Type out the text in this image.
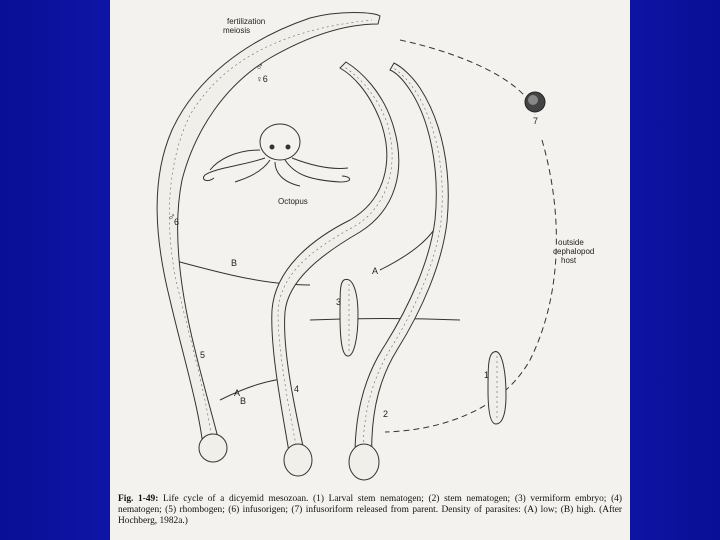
fertilization
meiosis
♂
♀6
♂
6
Octopus
7
outside
cephalopod
host
B
A
3
5
A
B
4
1
2
Fig. 1-49: Life cycle of a dicyemid mesozoan. (1) Larval stem nematogen; (2) stem nematogen; (3) vermiform embryo; (4) nematogen; (5) rhombogen; (6) infusorigen; (7) infusoriform released from parent. Density of parasites: (A) low; (B) high. (After Hochberg, 1982a.)
